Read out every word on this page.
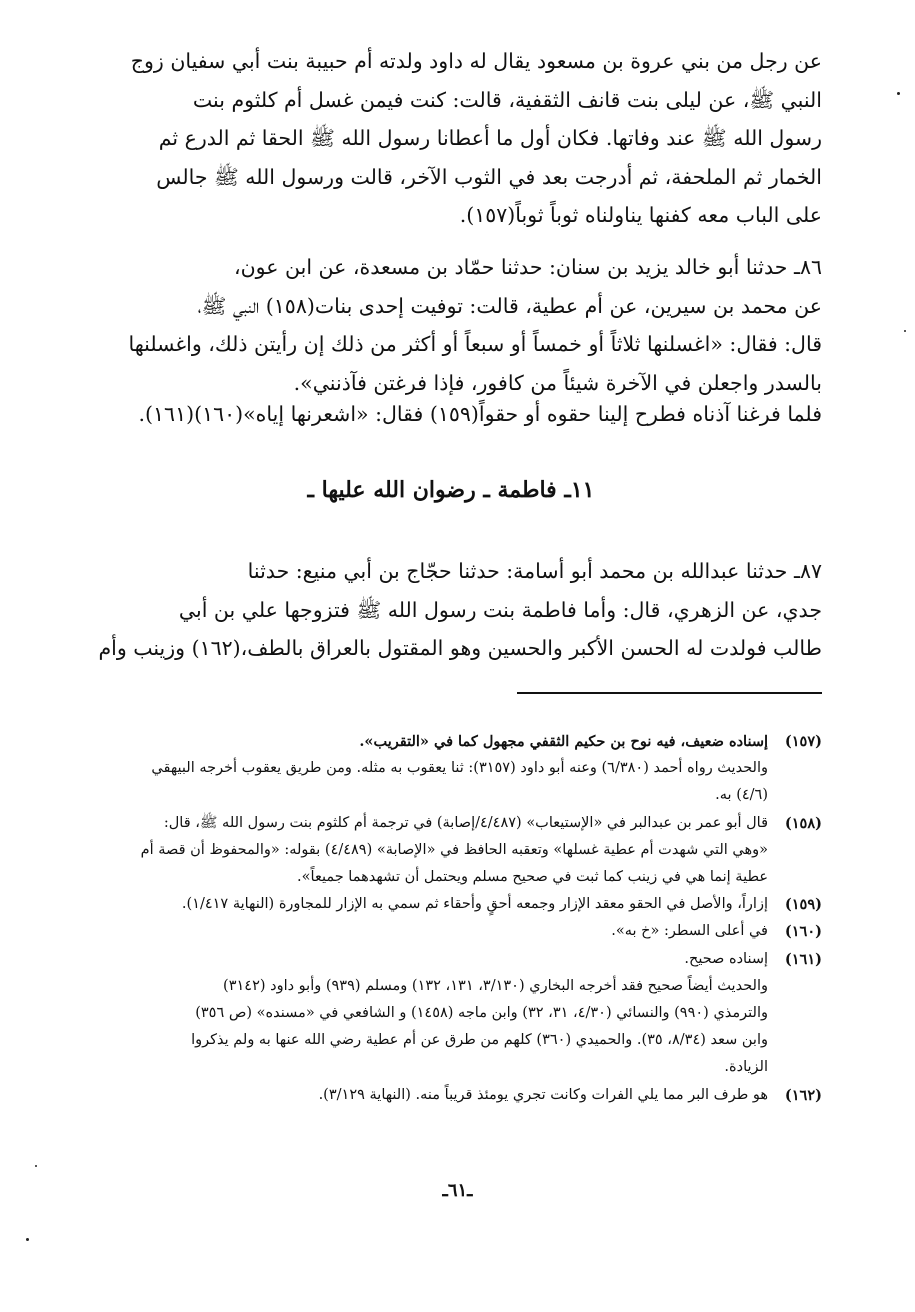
عن رجل من بني عروة بن مسعود يقال له داود ولدته أم حبيبة بنت أبي سفيان زوج
النبي ﷺ، عن ليلى بنت قانف الثقفية، قالت: كنت فيمن غسل أم كلثوم بنت
رسول الله ﷺ عند وفاتها. فكان أول ما أعطانا رسول الله ﷺ الحقا ثم الدرع ثم
الخمار ثم الملحفة، ثم أدرجت بعد في الثوب الآخر، قالت ورسول الله ﷺ جالس
على الباب معه كفنها يناولناه ثوباً ثوباً(١٥٧).
٨٦ـ حدثنا أبو خالد يزيد بن سنان: حدثنا حمّاد بن مسعدة، عن ابن عون،
عن محمد بن سيرين، عن أم عطية، قالت: توفيت إحدى بنات(١٥٨) النبي ﷺ،
قال: فقال: «اغسلنها ثلاثاً أو خمساً أو سبعاً أو أكثر من ذلك إن رأيتن ذلك، واغسلنها
بالسدر واجعلن في الآخرة شيئاً من كافور، فإذا فرغتن فآذنني».
فلما فرغنا آذناه فطرح إلينا حقوه أو حقواً(١٥٩) فقال: «اشعرنها إياه»(١٦٠)(١٦١).
١١ـ فاطمة ـ رضوان الله عليها ـ
٨٧ـ حدثنا عبدالله بن محمد أبو أسامة: حدثنا حجّاج بن أبي منيع: حدثنا
جدي، عن الزهري، قال: وأما فاطمة بنت رسول الله ﷺ فتزوجها علي بن أبي
طالب فولدت له الحسن الأكبر والحسين وهو المقتول بالعراق بالطف،(١٦٢) وزينب وأم
(١٥٧)
إسناده ضعيف، فيه نوح بن حكيم الثقفي مجهول كما في «التقريب».
والحديث رواه أحمد (٦/٣٨٠) وعنه أبو داود (٣١٥٧): ثنا يعقوب به مثله. ومن طريق يعقوب أخرجه البيهقي
(٤/٦) به.
(١٥٨)
قال أبو عمر بن عبدالبر في «الإستيعاب» (٤/٤٨٧/إصابة) في ترجمة أم كلثوم بنت رسول الله ﷺ، قال:
«وهي التي شهدت أم عطية غسلها» وتعقبه الحافظ في «الإصابة» (٤/٤٨٩) بقوله: «والمحفوظ أن قصة أم
عطية إنما هي في زينب كما ثبت في صحيح مسلم ويحتمل أن تشهدهما جميعاً».
(١٥٩)
إزاراً، والأصل في الحقو معقد الإزار وجمعه أحقٍ وأحقاء ثم سمي به الإزار للمجاورة (النهاية ١/٤١٧).
(١٦٠)
في أعلى السطر: «خ به».
(١٦١)
إسناده صحيح.
والحديث أيضاً صحيح فقد أخرجه البخاري (٣/١٣٠، ١٣١، ١٣٢) ومسلم (٩٣٩) وأبو داود (٣١٤٢)
والترمذي (٩٩٠) والنسائي (٤/٣٠، ٣١، ٣٢) وابن ماجه (١٤٥٨) و الشافعي في «مسنده» (ص ٣٥٦)
وابن سعد (٨/٣٤، ٣٥). والحميدي (٣٦٠) كلهم من طرق عن أم عطية رضي الله عنها به ولم يذكروا
الزيادة.
(١٦٢)
هو طرف البر مما يلي الفرات وكانت تجري يومئذ قريباً منه. (النهاية ٣/١٢٩).
ـ٦١ـ
